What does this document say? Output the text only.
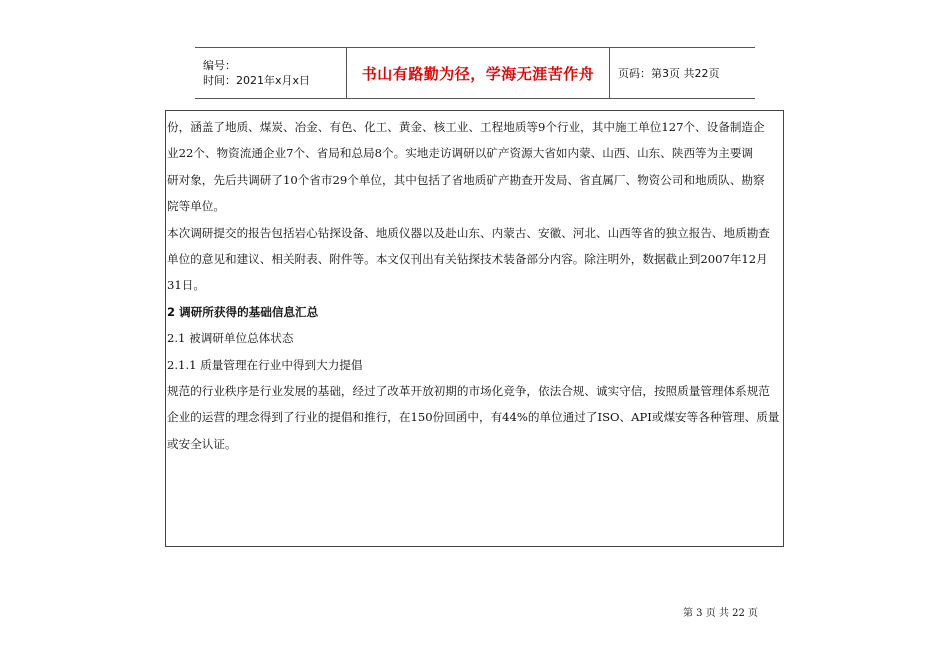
编号：
时间：2021年x月x日	书山有路勤为径，学海无涯苦作舟 页码：第3页 共22页
份，涵盖了地质、煤炭、冶金、有色、化工、黄金、核工业、工程地质等9个行业，其中施工单位127个、设备制造企
业22个、物资流通企业7个、省局和总局8个。实地走访调研以矿产资源大省如内蒙、山西、山东、陕西等为主要调
研对象，先后共调研了10个省市29个单位，其中包括了省地质矿产勘查开发局、省直属厂、物资公司和地质队、勘察
院等单位。
本次调研提交的报告包括岩心钻探设备、地质仪器以及赴山东、内蒙古、安徽、河北、山西等省的独立报告、地质勘查
单位的意见和建议、相关附表、附件等。本文仅刊出有关钻探技术装备部分内容。除注明外，数据截止到2007年12月
31日。
2 调研所获得的基础信息汇总
2.1 被调研单位总体状态
2.1.1 质量管理在行业中得到大力提倡
规范的行业秩序是行业发展的基础，经过了改革开放初期的市场化竞争，依法合规、诚实守信，按照质量管理体系规范
企业的运营的理念得到了行业的提倡和推行，在150份回函中，有44%的单位通过了ISO、API或煤安等各种管理、质量
或安全认证。
第 3 页 共 22 页
